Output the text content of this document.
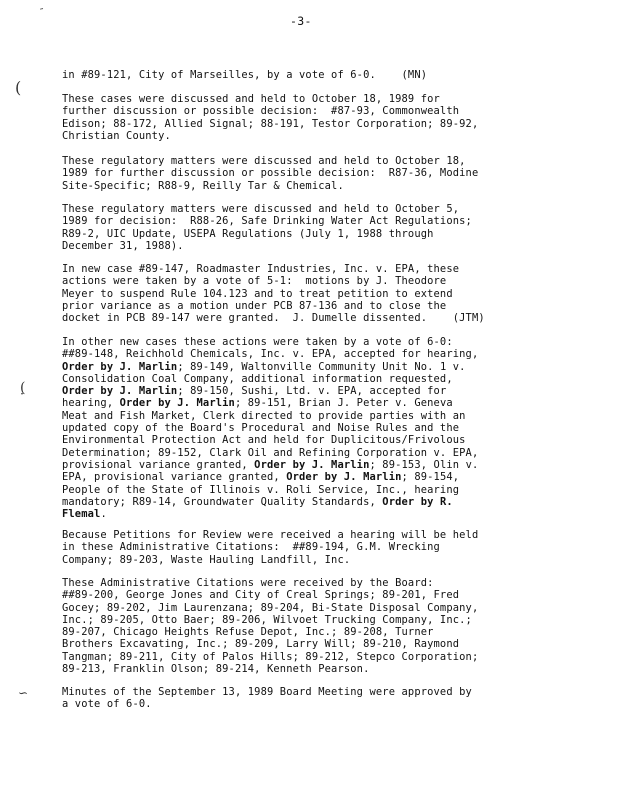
-3-
″
(
(̣
∽
in #89-121, City of Marseilles, by a vote of 6-0.    (MN)
These cases were discussed and held to October 18, 1989 for
further discussion or possible decision:  #87-93, Commonwealth
Edison; 88-172, Allied Signal; 88-191, Testor Corporation; 89-92,
Christian County.
These regulatory matters were discussed and held to October 18,
1989 for further discussion or possible decision:  R87-36, Modine
Site-Specific; R88-9, Reilly Tar & Chemical.
These regulatory matters were discussed and held to October 5,
1989 for decision:  R88-26, Safe Drinking Water Act Regulations;
R89-2, UIC Update, USEPA Regulations (July 1, 1988 through
December 31, 1988).
In new case #89-147, Roadmaster Industries, Inc. v. EPA, these
actions were taken by a vote of 5-1:  motions by J. Theodore
Meyer to suspend Rule 104.123 and to treat petition to extend
prior variance as a motion under PCB 87-136 and to close the
docket in PCB 89-147 were granted.  J. Dumelle dissented.    (JTM)
In other new cases these actions were taken by a vote of 6-0:
##89-148, Reichhold Chemicals, Inc. v. EPA, accepted for hearing,
Order by J. Marlin; 89-149, Waltonville Community Unit No. 1 v.
Consolidation Coal Company, additional information requested,
Order by J. Marlin; 89-150, Sushi, Ltd. v. EPA, accepted for
hearing, Order by J. Marlin; 89-151, Brian J. Peter v. Geneva
Meat and Fish Market, Clerk directed to provide parties with an
updated copy of the Board's Procedural and Noise Rules and the
Environmental Protection Act and held for Duplicitous/Frivolous
Determination; 89-152, Clark Oil and Refining Corporation v. EPA,
provisional variance granted, Order by J. Marlin; 89-153, Olin v.
EPA, provisional variance granted, Order by J. Marlin; 89-154,
People of the State of Illinois v. Roli Service, Inc., hearing
mandatory; R89-14, Groundwater Quality Standards, Order by R.
Flemal.
Because Petitions for Review were received a hearing will be held
in these Administrative Citations:  ##89-194, G.M. Wrecking
Company; 89-203, Waste Hauling Landfill, Inc.
These Administrative Citations were received by the Board:
##89-200, George Jones and City of Creal Springs; 89-201, Fred
Gocey; 89-202, Jim Laurenzana; 89-204, Bi-State Disposal Company,
Inc.; 89-205, Otto Baer; 89-206, Wilvoet Trucking Company, Inc.;
89-207, Chicago Heights Refuse Depot, Inc.; 89-208, Turner
Brothers Excavating, Inc.; 89-209, Larry Will; 89-210, Raymond
Tangman; 89-211, City of Palos Hills; 89-212, Stepco Corporation;
89-213, Franklin Olson; 89-214, Kenneth Pearson.
Minutes of the September 13, 1989 Board Meeting were approved by
a vote of 6-0.
